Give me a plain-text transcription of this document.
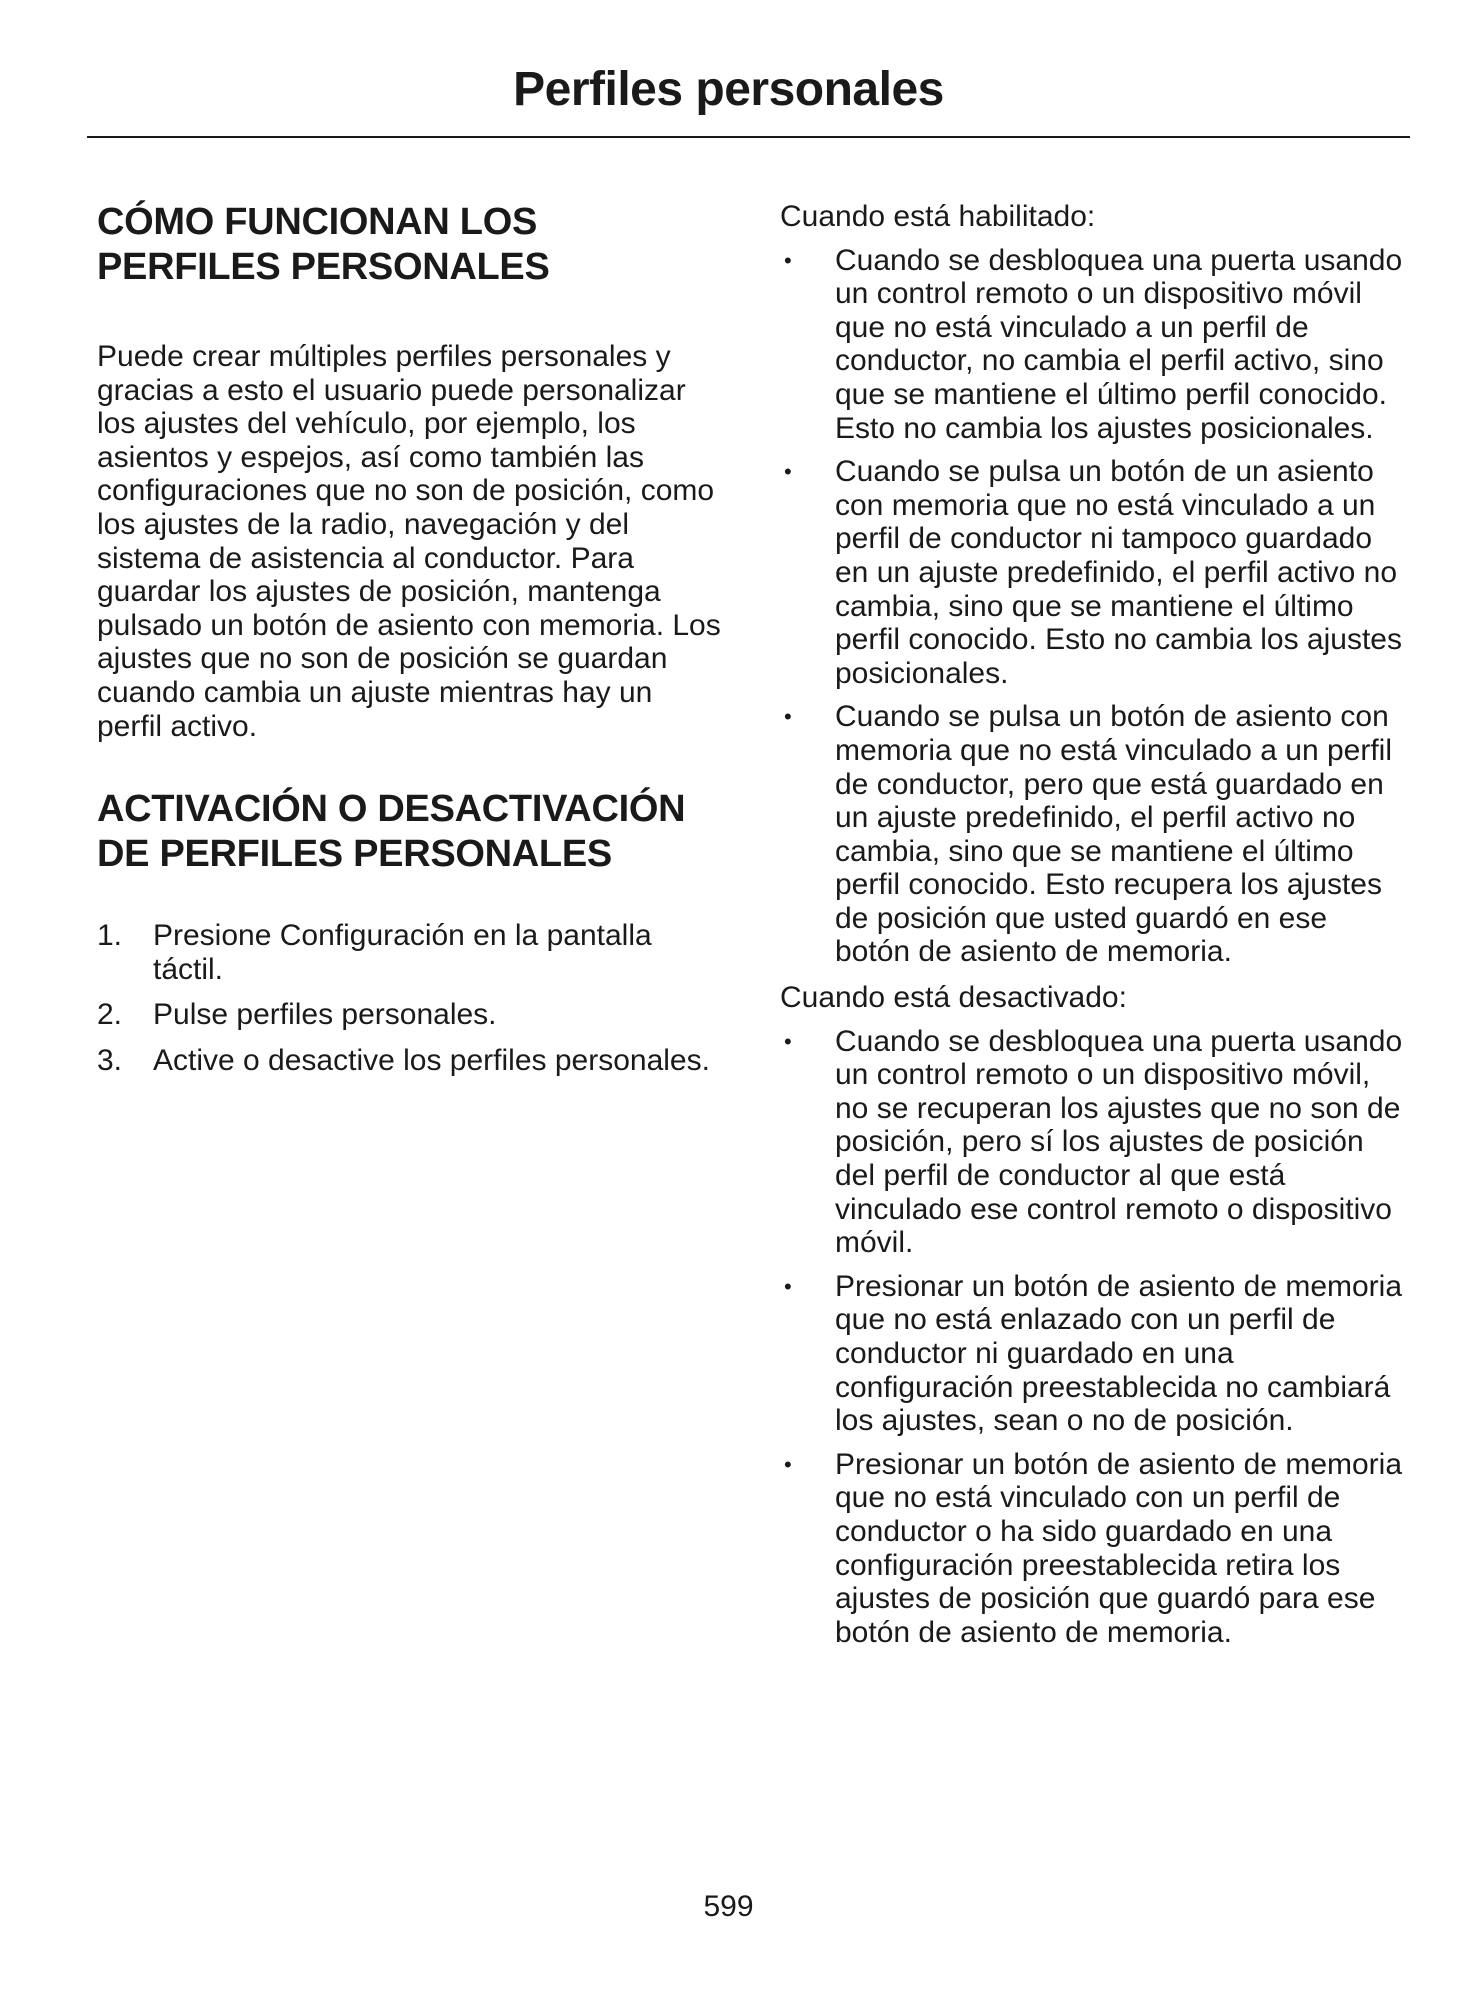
Perfiles personales
CÓMO FUNCIONAN LOS PERFILES PERSONALES

Puede crear múltiples perfiles personales y gracias a esto el usuario puede personalizar los ajustes del vehículo, por ejemplo, los asientos y espejos, así como también las configuraciones que no son de posición, como los ajustes de la radio, navegación y del sistema de asistencia al conductor. Para guardar los ajustes de posición, mantenga pulsado un botón de asiento con memoria. Los ajustes que no son de posición se guardan cuando cambia un ajuste mientras hay un perfil activo.

ACTIVACIÓN O DESACTIVACIÓN DE PERFILES PERSONALES
1. Presione Configuración en la pantalla táctil.
2. Pulse perfiles personales.
3. Active o desactive los perfiles personales.

Cuando está habilitado:

• Cuando se desbloquea una puerta usando un control remoto o un dispositivo móvil que no está vinculado a un perfil de conductor, no cambia el perfil activo, sino que se mantiene el último perfil conocido. Esto no cambia los ajustes posicionales.
• Cuando se pulsa un botón de un asiento con memoria que no está vinculado a un perfil de conductor ni tampoco guardado en un ajuste predefinido, el perfil activo no cambia, sino que se mantiene el último perfil conocido. Esto no cambia los ajustes posicionales.
• Cuando se pulsa un botón de asiento con memoria que no está vinculado a un perfil de conductor, pero que está guardado en un ajuste predefinido, el perfil activo no cambia, sino que se mantiene el último perfil conocido. Esto recupera los ajustes de posición que usted guardó en ese botón de asiento de memoria.

Cuando está desactivado:

• Cuando se desbloquea una puerta usando un control remoto o un dispositivo móvil, no se recuperan los ajustes que no son de posición, pero sí los ajustes de posición del perfil de conductor al que está vinculado ese control remoto o dispositivo móvil.
• Presionar un botón de asiento de memoria que no está enlazado con un perfil de conductor ni guardado en una configuración preestablecida no cambiará los ajustes, sean o no de posición.
• Presionar un botón de asiento de memoria que no está vinculado con un perfil de conductor o ha sido guardado en una configuración preestablecida retira los ajustes de posición que guardó para ese botón de asiento de memoria.
599
